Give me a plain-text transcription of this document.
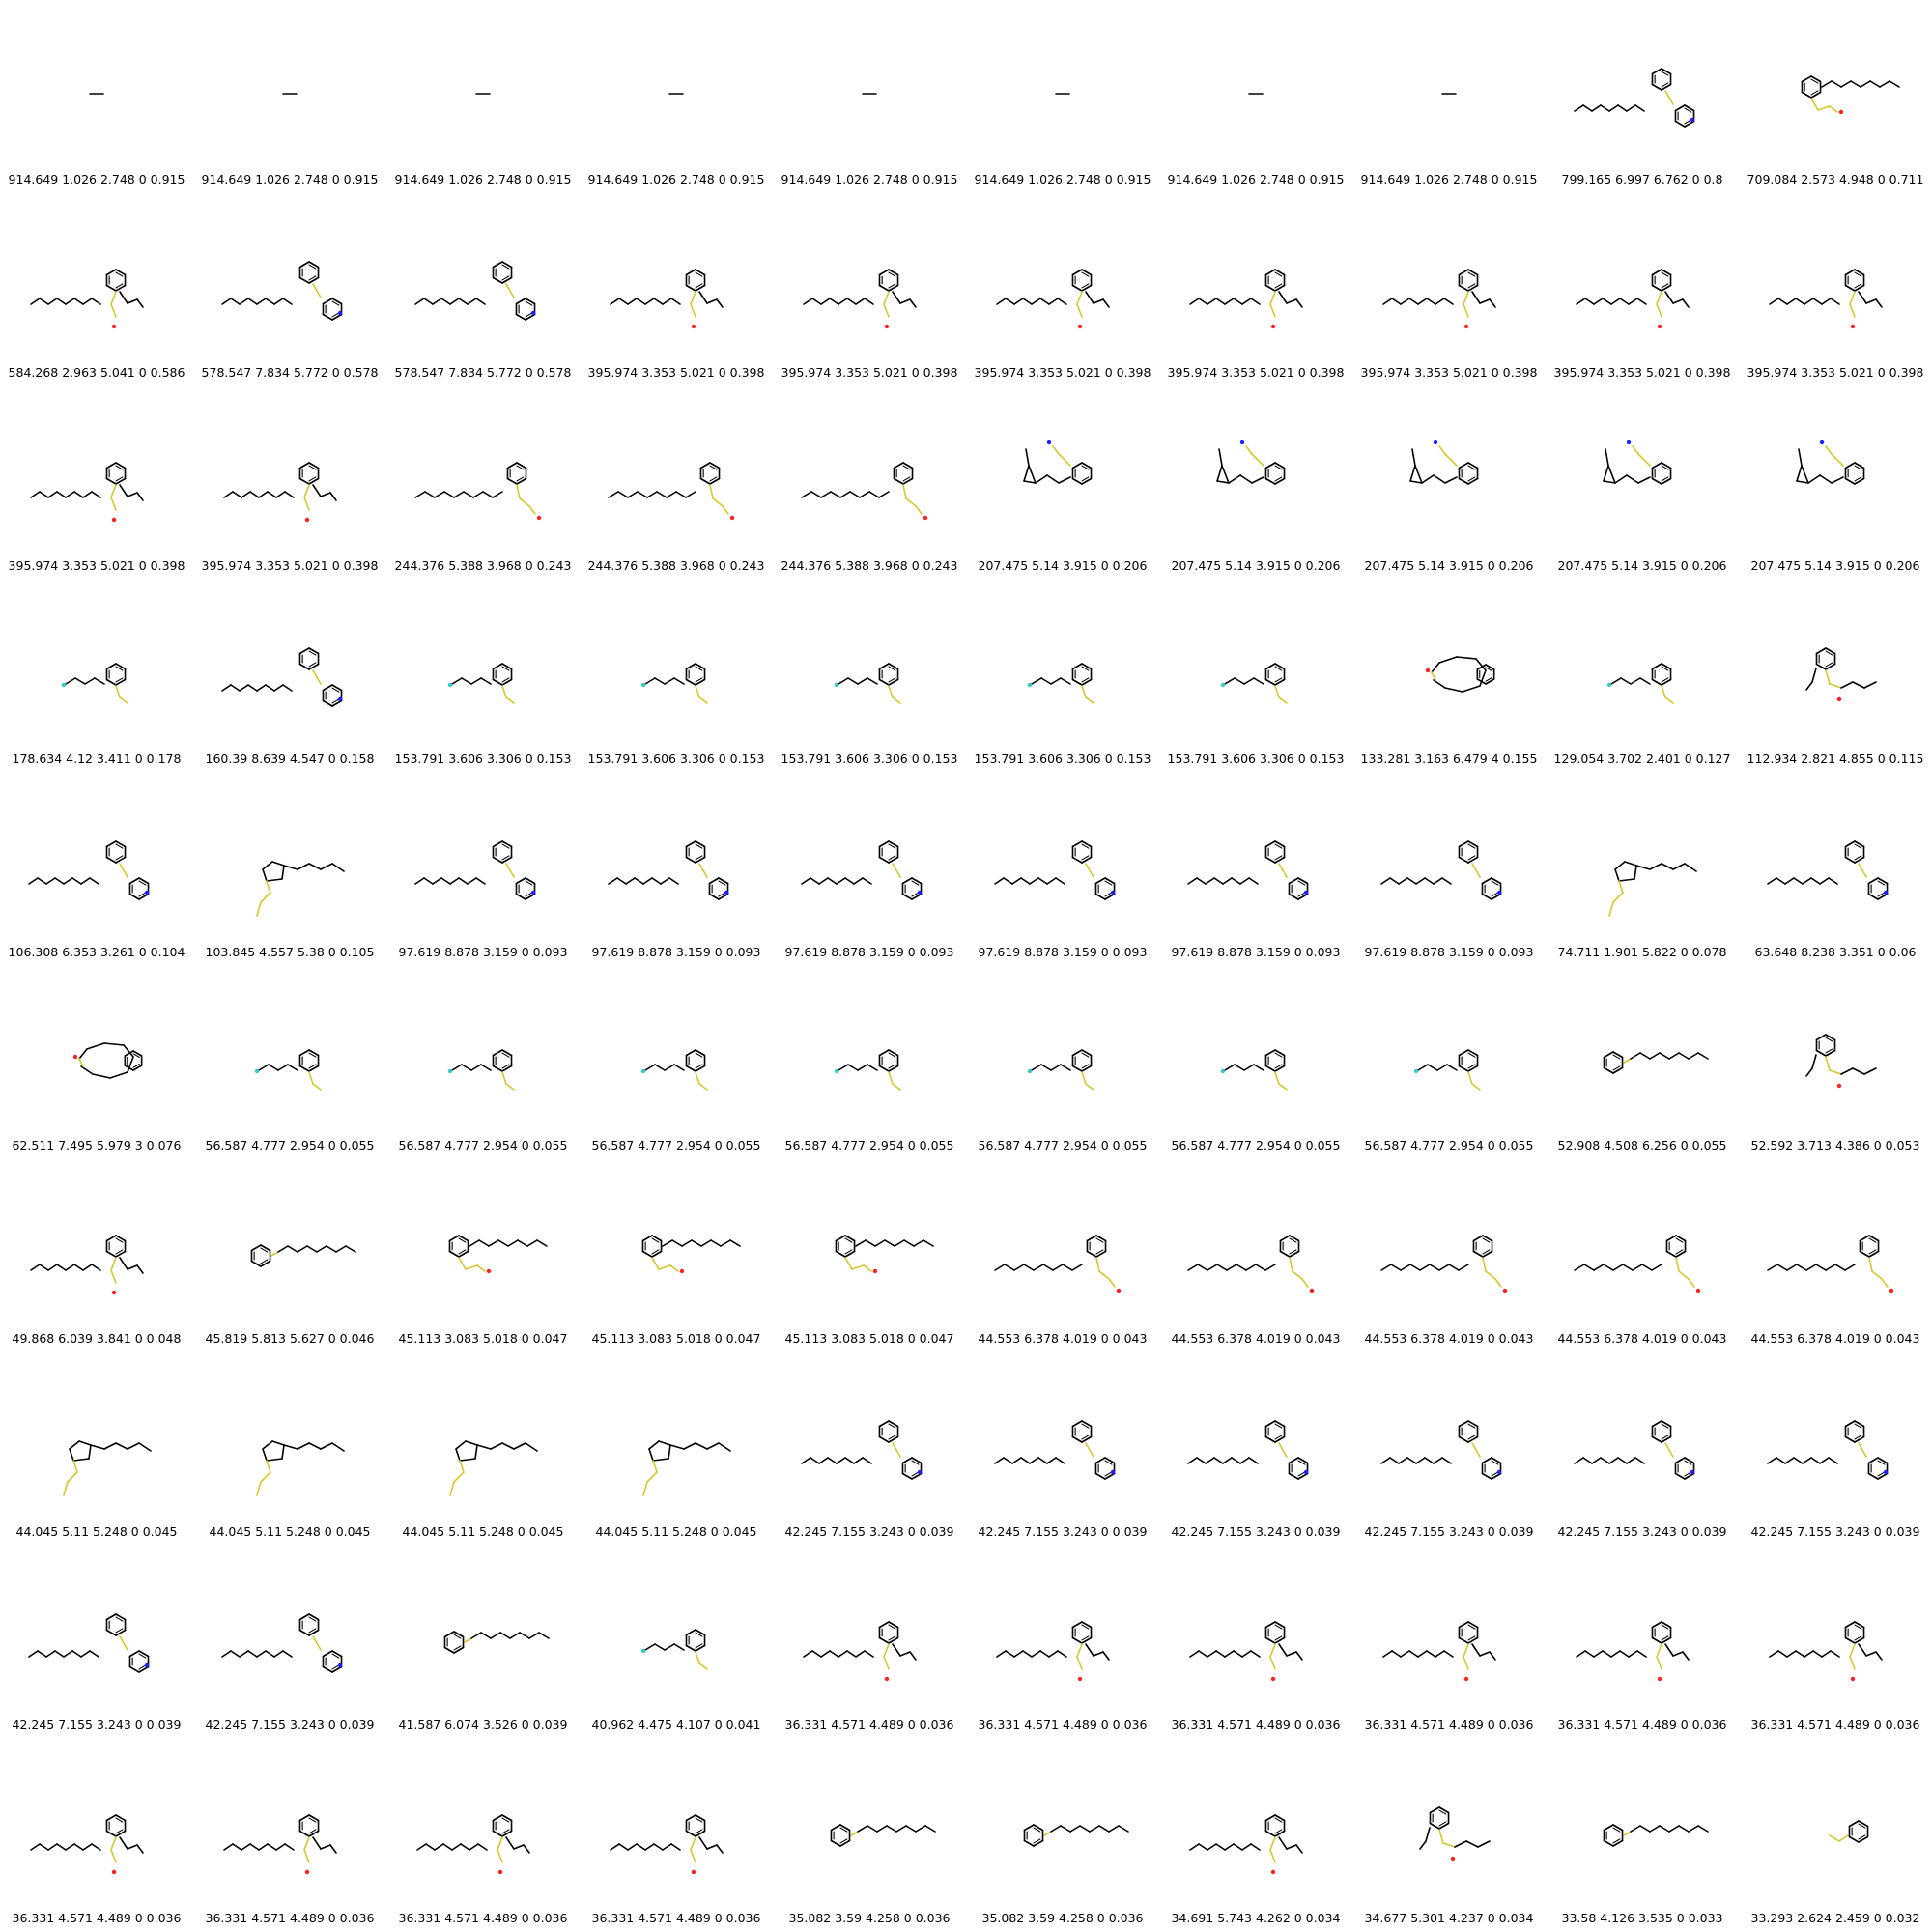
914.649 1.026 2.748 0 0.915	914.649 1.026 2.748 0 0.915	914.649 1.026 2.748 0 0.915	914.649 1.026 2.748 0 0.915	914.649 1.026 2.748 0 0.915	914.649 1.026 2.748 0 0.915	914.649 1.026 2.748 0 0.915	914.649 1.026 2.748 0 0.915	799.165 6.997 6.762 0 0.8	709.084 2.573 4.948 0 0.711
584.268 2.963 5.041 0 0.586	578.547 7.834 5.772 0 0.578	578.547 7.834 5.772 0 0.578	395.974 3.353 5.021 0 0.398	395.974 3.353 5.021 0 0.398	395.974 3.353 5.021 0 0.398	395.974 3.353 5.021 0 0.398	395.974 3.353 5.021 0 0.398	395.974 3.353 5.021 0 0.398	395.974 3.353 5.021 0 0.398
395.974 3.353 5.021 0 0.398	395.974 3.353 5.021 0 0.398	244.376 5.388 3.968 0 0.243	244.376 5.388 3.968 0 0.243	244.376 5.388 3.968 0 0.243	207.475 5.14 3.915 0 0.206	207.475 5.14 3.915 0 0.206	207.475 5.14 3.915 0 0.206	207.475 5.14 3.915 0 0.206	207.475 5.14 3.915 0 0.206
178.634 4.12 3.411 0 0.178	160.39 8.639 4.547 0 0.158	153.791 3.606 3.306 0 0.153	153.791 3.606 3.306 0 0.153	153.791 3.606 3.306 0 0.153	153.791 3.606 3.306 0 0.153	153.791 3.606 3.306 0 0.153	133.281 3.163 6.479 4 0.155	129.054 3.702 2.401 0 0.127	112.934 2.821 4.855 0 0.115
106.308 6.353 3.261 0 0.104	103.845 4.557 5.38 0 0.105	97.619 8.878 3.159 0 0.093	97.619 8.878 3.159 0 0.093	97.619 8.878 3.159 0 0.093	97.619 8.878 3.159 0 0.093	97.619 8.878 3.159 0 0.093	97.619 8.878 3.159 0 0.093	74.711 1.901 5.822 0 0.078	63.648 8.238 3.351 0 0.06
62.511 7.495 5.979 3 0.076	56.587 4.777 2.954 0 0.055	56.587 4.777 2.954 0 0.055	56.587 4.777 2.954 0 0.055	56.587 4.777 2.954 0 0.055	56.587 4.777 2.954 0 0.055	56.587 4.777 2.954 0 0.055	56.587 4.777 2.954 0 0.055	52.908 4.508 6.256 0 0.055	52.592 3.713 4.386 0 0.053
49.868 6.039 3.841 0 0.048	45.819 5.813 5.627 0 0.046	45.113 3.083 5.018 0 0.047	45.113 3.083 5.018 0 0.047	45.113 3.083 5.018 0 0.047	44.553 6.378 4.019 0 0.043	44.553 6.378 4.019 0 0.043	44.553 6.378 4.019 0 0.043	44.553 6.378 4.019 0 0.043	44.553 6.378 4.019 0 0.043
44.045 5.11 5.248 0 0.045	44.045 5.11 5.248 0 0.045	44.045 5.11 5.248 0 0.045	44.045 5.11 5.248 0 0.045	42.245 7.155 3.243 0 0.039	42.245 7.155 3.243 0 0.039	42.245 7.155 3.243 0 0.039	42.245 7.155 3.243 0 0.039	42.245 7.155 3.243 0 0.039	42.245 7.155 3.243 0 0.039
42.245 7.155 3.243 0 0.039	42.245 7.155 3.243 0 0.039	41.587 6.074 3.526 0 0.039	40.962 4.475 4.107 0 0.041	36.331 4.571 4.489 0 0.036	36.331 4.571 4.489 0 0.036	36.331 4.571 4.489 0 0.036	36.331 4.571 4.489 0 0.036	36.331 4.571 4.489 0 0.036	36.331 4.571 4.489 0 0.036
36.331 4.571 4.489 0 0.036	36.331 4.571 4.489 0 0.036	36.331 4.571 4.489 0 0.036	36.331 4.571 4.489 0 0.036	35.082 3.59 4.258 0 0.036	35.082 3.59 4.258 0 0.036	34.691 5.743 4.262 0 0.034	34.677 5.301 4.237 0 0.034	33.58 4.126 3.535 0 0.033	33.293 2.624 2.459 0 0.032
